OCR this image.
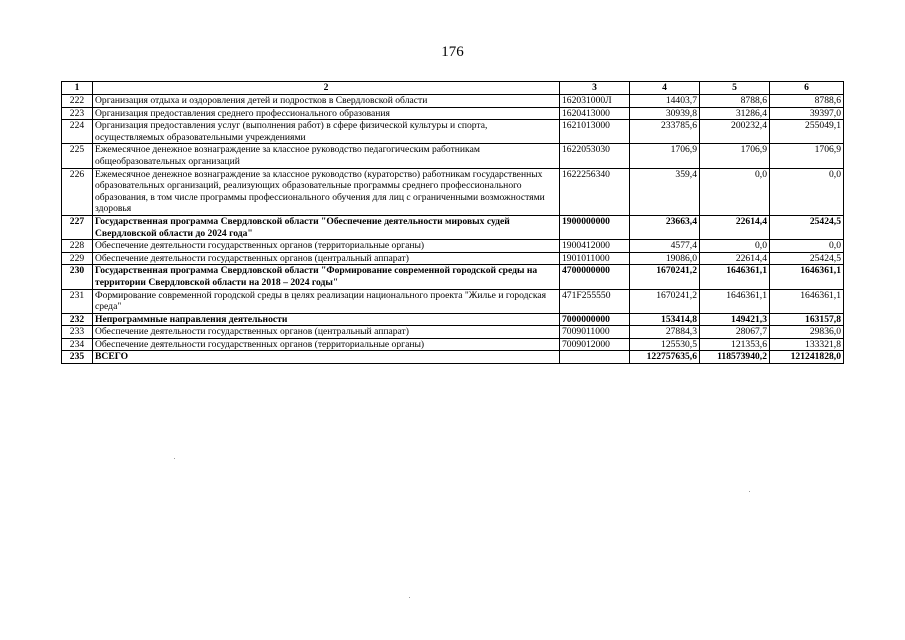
176
1	2	3	4	5	6
222	Организация отдыха и оздоровления детей и подростков в Свердловской области	162031000Л	14403,7	8788,6	8788,6
223	Организация предоставления среднего профессионального образования	1620413000	30939,8	31286,4	39397,0
224	Организация предоставления услуг (выполнения работ) в сфере физической культуры и спорта, осуществляемых образовательными учреждениями	1621013000	233785,6	200232,4	255049,1
225	Ежемесячное денежное вознаграждение за классное руководство педагогическим работникам общеобразовательных организаций	1622053030	1706,9	1706,9	1706,9
226	Ежемесячное денежное вознаграждение за классное руководство (кураторство) работникам государственных образовательных организаций, реализующих образовательные программы среднего профессионального образования, в том числе программы профессионального обучения для лиц с ограниченными возможностями здоровья	1622256340	359,4	0,0	0,0
227	Государственная программа Свердловской области "Обеспечение деятельности мировых судей Свердловской области до 2024 года"	1900000000	23663,4	22614,4	25424,5
228	Обеспечение деятельности государственных органов (территориальные органы)	1900412000	4577,4	0,0	0,0
229	Обеспечение деятельности государственных органов (центральный аппарат)	1901011000	19086,0	22614,4	25424,5
230	Государственная программа Свердловской области "Формирование современной городской среды на территории Свердловской области на 2018 – 2024 годы"	4700000000	1670241,2	1646361,1	1646361,1
231	Формирование современной городской среды в целях реализации национального проекта "Жилье и городская среда"	471F255550	1670241,2	1646361,1	1646361,1
232	Непрограммные направления деятельности	7000000000	153414,8	149421,3	163157,8
233	Обеспечение деятельности государственных органов (центральный аппарат)	7009011000	27884,3	28067,7	29836,0
234	Обеспечение деятельности государственных органов (территориальные органы)	7009012000	125530,5	121353,6	133321,8
235	ВСЕГО		122757635,6	118573940,2	121241828,0
